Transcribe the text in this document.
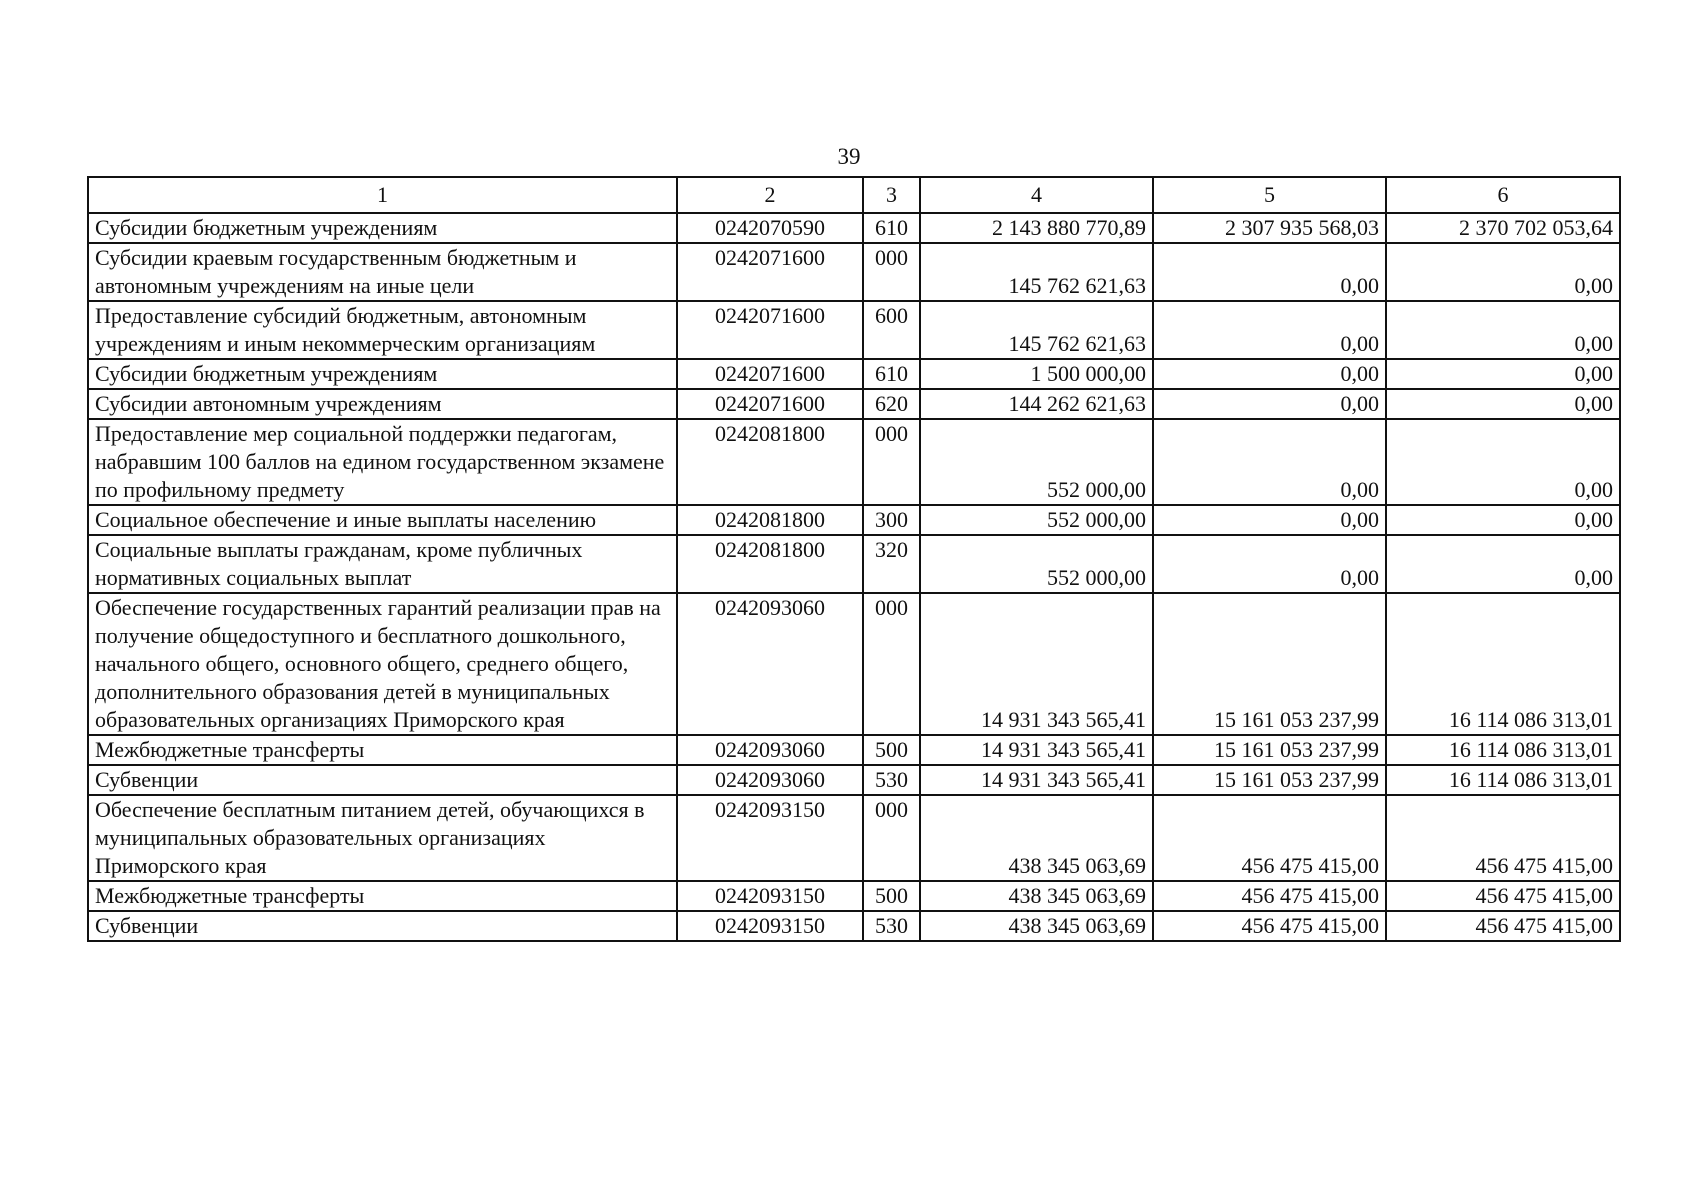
39
1	2	3	4	5	6
Субсидии бюджетным учреждениям	0242070590	610	2 143 880 770,89	2 307 935 568,03	2 370 702 053,64
Субсидии краевым государственным бюджетным и автономным учреждениям на иные цели	0242071600	000	145 762 621,63	0,00	0,00
Предоставление субсидий бюджетным, автономным учреждениям и иным некоммерческим организациям	0242071600	600	145 762 621,63	0,00	0,00
Субсидии бюджетным учреждениям	0242071600	610	1 500 000,00	0,00	0,00
Субсидии автономным учреждениям	0242071600	620	144 262 621,63	0,00	0,00
Предоставление мер социальной поддержки педагогам, набравшим 100 баллов на едином государственном экзамене по профильному предмету	0242081800	000	552 000,00	0,00	0,00
Социальное обеспечение и иные выплаты населению	0242081800	300	552 000,00	0,00	0,00
Социальные выплаты гражданам, кроме публичных нормативных социальных выплат	0242081800	320	552 000,00	0,00	0,00
Обеспечение государственных гарантий реализации прав на получение общедоступного и бесплатного дошкольного, начального общего, основного общего, среднего общего, дополнительного образования детей в муниципальных образовательных организациях Приморского края	0242093060	000	14 931 343 565,41	15 161 053 237,99	16 114 086 313,01
Межбюджетные трансферты	0242093060	500	14 931 343 565,41	15 161 053 237,99	16 114 086 313,01
Субвенции	0242093060	530	14 931 343 565,41	15 161 053 237,99	16 114 086 313,01
Обеспечение бесплатным питанием детей, обучающихся в муниципальных образовательных организациях Приморского края	0242093150	000	438 345 063,69	456 475 415,00	456 475 415,00
Межбюджетные трансферты	0242093150	500	438 345 063,69	456 475 415,00	456 475 415,00
Субвенции	0242093150	530	438 345 063,69	456 475 415,00	456 475 415,00
